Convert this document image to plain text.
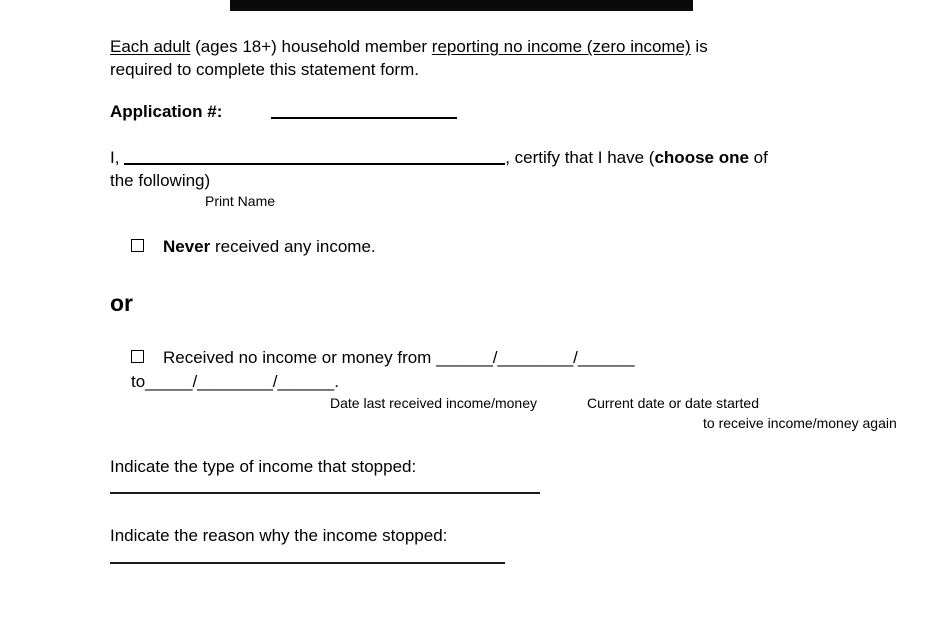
Each adult (ages 18+) household member reporting no income (zero income) is
required to complete this statement form.
Application #:
I,	, certify that I have (choose one of
the following)
Print Name
Never received any income.
or
Received no income or money from ______/________/______
to_____/________/______.
Date last received income/money	Current date or date started
to receive income/money again
Indicate the type of income that stopped:
Indicate the reason why the income stopped:
